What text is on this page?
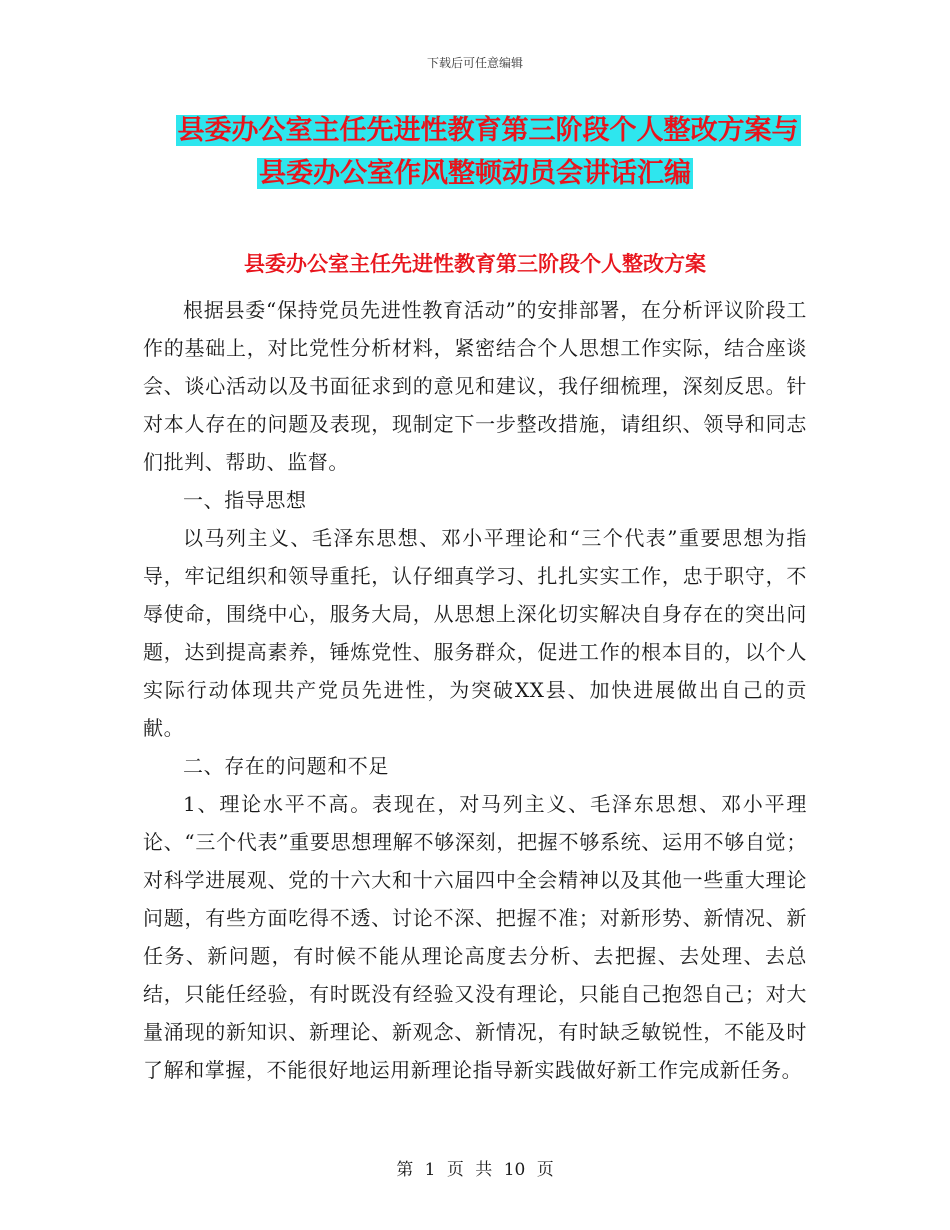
下载后可任意编辑
县委办公室主任先进性教育第三阶段个人整改方案与
县委办公室作风整顿动员会讲话汇编
县委办公室主任先进性教育第三阶段个人整改方案

根据县委“保持党员先进性教育活动”的安排部署，在分析评议阶段工作的基础上，对比党性分析材料，紧密结合个人思想工作实际，结合座谈会、谈心活动以及书面征求到的意见和建议，我仔细梳理，深刻反思。针对本人存在的问题及表现，现制定下一步整改措施，请组织、领导和同志们批判、帮助、监督。

一、指导思想

以马列主义、毛泽东思想、邓小平理论和“三个代表”重要思想为指导，牢记组织和领导重托，认仔细真学习、扎扎实实工作，忠于职守，不辱使命，围绕中心，服务大局，从思想上深化切实解决自身存在的突出问题，达到提高素养，锤炼党性、服务群众，促进工作的根本目的，以个人实际行动体现共产党员先进性，为突破XX县、加快进展做出自己的贡献。

二、存在的问题和不足

1、理论水平不高。表现在，对马列主义、毛泽东思想、邓小平理论、“三个代表”重要思想理解不够深刻，把握不够系统、运用不够自觉；对科学进展观、党的十六大和十六届四中全会精神以及其他一些重大理论问题，有些方面吃得不透、讨论不深、把握不准；对新形势、新情况、新任务、新问题，有时候不能从理论高度去分析、去把握、去处理、去总结，只能任经验，有时既没有经验又没有理论，只能自己抱怨自己；对大量涌现的新知识、新理论、新观念、新情况，有时缺乏敏锐性，不能及时了解和掌握，不能很好地运用新理论指导新实践做好新工作完成新任务。

第 1 页 共 10 页
